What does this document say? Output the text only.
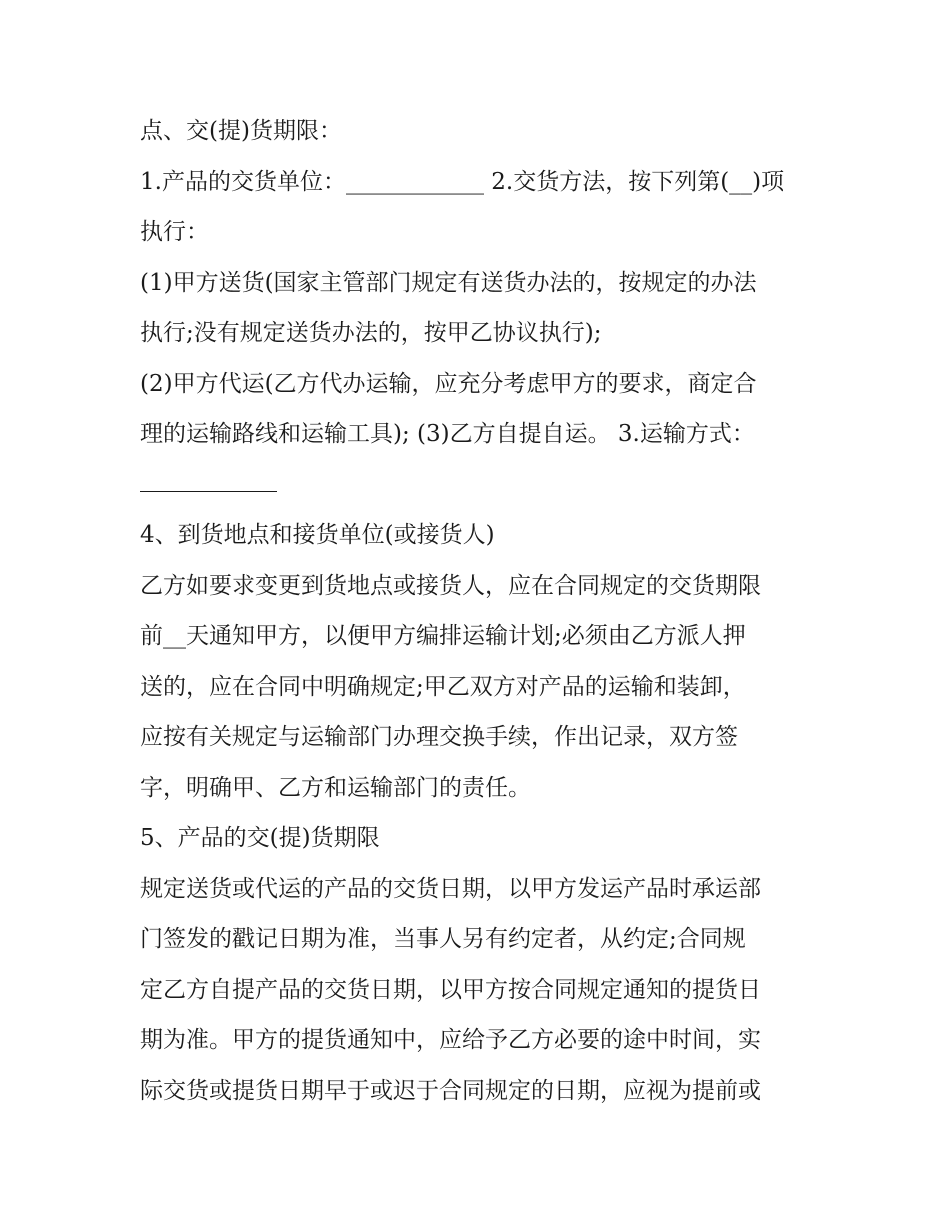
点、交(提)货期限：
1.产品的交货单位：____________ 2.交货方法，按下列第(__)项
执行：
(1)甲方送货(国家主管部门规定有送货办法的，按规定的办法
执行;没有规定送货办法的，按甲乙协议执行);
(2)甲方代运(乙方代办运输，应充分考虑甲方的要求，商定合
理的运输路线和运输工具); (3)乙方自提自运。 3.运输方式：
4、到货地点和接货单位(或接货人)
乙方如要求变更到货地点或接货人，应在合同规定的交货期限
前__天通知甲方，以便甲方编排运输计划;必须由乙方派人押
送的，应在合同中明确规定;甲乙双方对产品的运输和装卸，
应按有关规定与运输部门办理交换手续，作出记录，双方签
字，明确甲、乙方和运输部门的责任。
5、产品的交(提)货期限
规定送货或代运的产品的交货日期，以甲方发运产品时承运部
门签发的戳记日期为准，当事人另有约定者，从约定;合同规
定乙方自提产品的交货日期，以甲方按合同规定通知的提货日
期为准。甲方的提货通知中，应给予乙方必要的途中时间，实
际交货或提货日期早于或迟于合同规定的日期，应视为提前或
